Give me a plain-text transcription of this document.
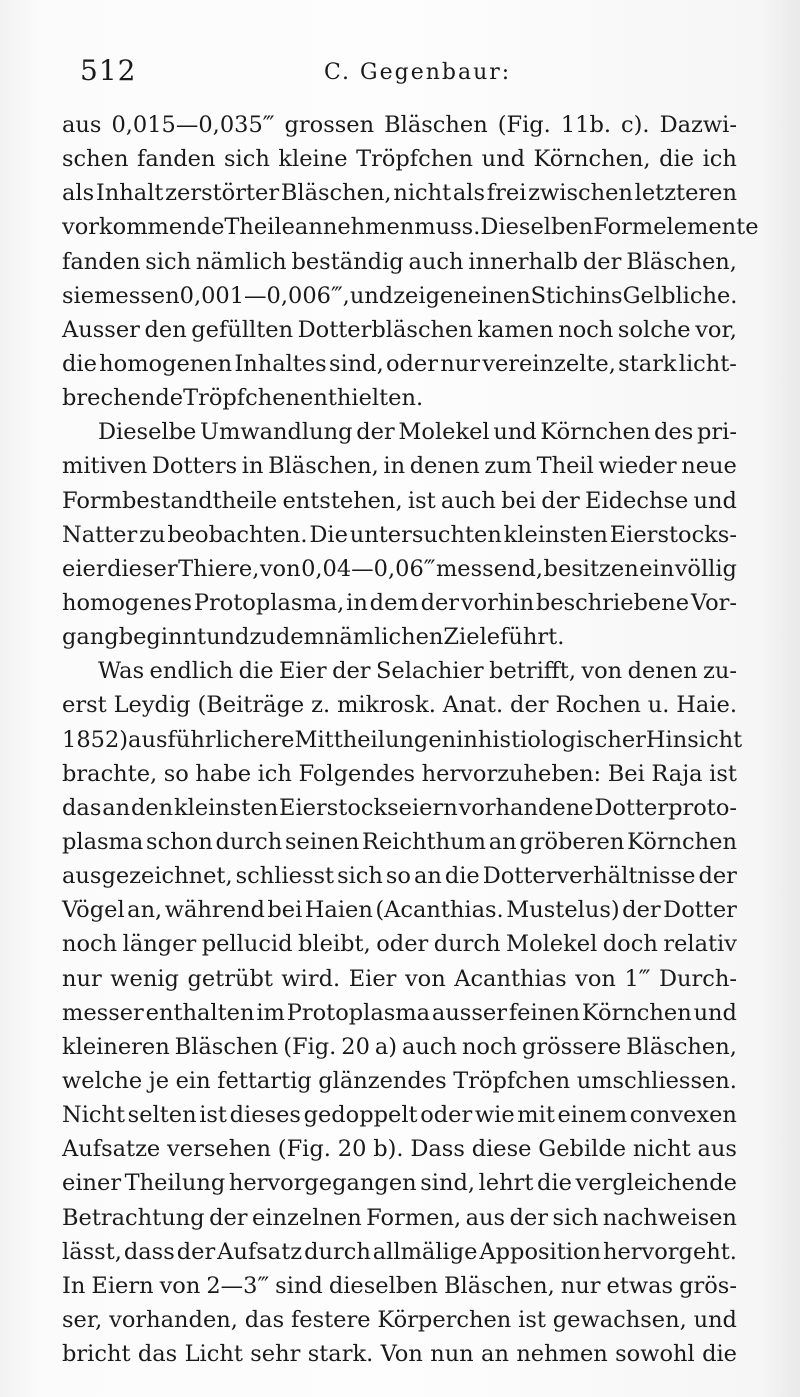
512	C. Gegenbaur:
aus 0,015—0,035‴ grossen Bläschen (Fig. 11b. c). Dazwi-
schen fanden sich kleine Tröpfchen und Körnchen, die ich
als Inhalt zerstörter Bläschen, nicht als frei zwischen letzteren
vorkommende Theile annehmen muss. Dieselben Formelemente
fanden sich nämlich beständig auch innerhalb der Bläschen,
sie messen 0,001—0,006‴, und zeigen einen Stich ins Gelbliche.
Ausser den gefüllten Dotterbläschen kamen noch solche vor,
die homogenen Inhaltes sind, oder nur vereinzelte, stark licht-
brechende Tröpfchen enthielten.
Dieselbe Umwandlung der Molekel und Körnchen des pri-
mitiven Dotters in Bläschen, in denen zum Theil wieder neue
Formbestandtheile entstehen, ist auch bei der Eidechse und
Natter zu beobachten. Die untersuchten kleinsten Eierstocks-
eier dieser Thiere, von 0,04—0,06‴ messend, besitzen ein völlig
homogenes Protoplasma, in dem der vorhin beschriebene Vor-
gang beginnt und zu dem nämlichen Ziele führt.
Was endlich die Eier der Selachier betrifft, von denen zu-
erst Leydig (Beiträge z. mikrosk. Anat. der Rochen u. Haie.
1852) ausführlichere Mittheilungen in histiologischer Hinsicht
brachte, so habe ich Folgendes hervorzuheben: Bei Raja ist
das an den kleinsten Eierstockseiern vorhandene Dotterproto-
plasma schon durch seinen Reichthum an gröberen Körnchen
ausgezeichnet, schliesst sich so an die Dotterverhältnisse der
Vögel an, während bei Haien (Acanthias. Mustelus) der Dotter
noch länger pellucid bleibt, oder durch Molekel doch relativ
nur wenig getrübt wird. Eier von Acanthias von 1‴ Durch-
messer enthalten im Protoplasma ausser feinen Körnchen und
kleineren Bläschen (Fig. 20 a) auch noch grössere Bläschen,
welche je ein fettartig glänzendes Tröpfchen umschliessen.
Nicht selten ist dieses gedoppelt oder wie mit einem convexen
Aufsatze versehen (Fig. 20 b). Dass diese Gebilde nicht aus
einer Theilung hervorgegangen sind, lehrt die vergleichende
Betrachtung der einzelnen Formen, aus der sich nachweisen
lässt, dass der Aufsatz durch allmälige Apposition hervorgeht.
In Eiern von 2—3‴ sind dieselben Bläschen, nur etwas grös-
ser, vorhanden, das festere Körperchen ist gewachsen, und
bricht das Licht sehr stark. Von nun an nehmen sowohl die
